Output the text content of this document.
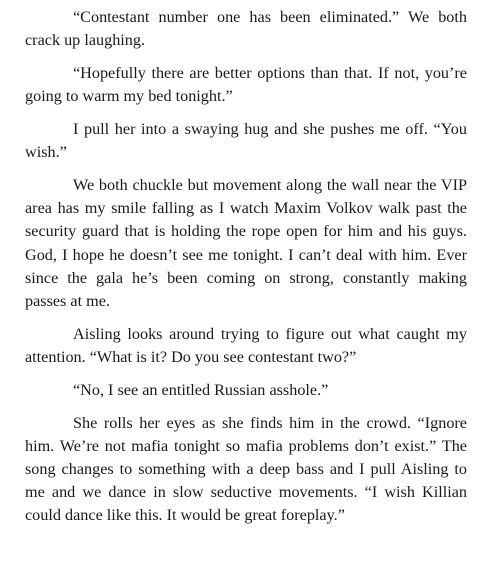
“Contestant number one has been eliminated.” We both crack up laughing.

“Hopefully there are better options than that. If not, you’re going to warm my bed tonight.”

I pull her into a swaying hug and she pushes me off. “You wish.”

We both chuckle but movement along the wall near the VIP area has my smile falling as I watch Maxim Volkov walk past the security guard that is holding the rope open for him and his guys. God, I hope he doesn’t see me tonight. I can’t deal with him. Ever since the gala he’s been coming on strong, constantly making passes at me.

Aisling looks around trying to figure out what caught my attention. “What is it? Do you see contestant two?”

“No, I see an entitled Russian asshole.”

She rolls her eyes as she finds him in the crowd. “Ignore him. We’re not mafia tonight so mafia problems don’t exist.” The song changes to something with a deep bass and I pull Aisling to me and we dance in slow seductive movements. “I wish Killian could dance like this. It would be great foreplay.”
